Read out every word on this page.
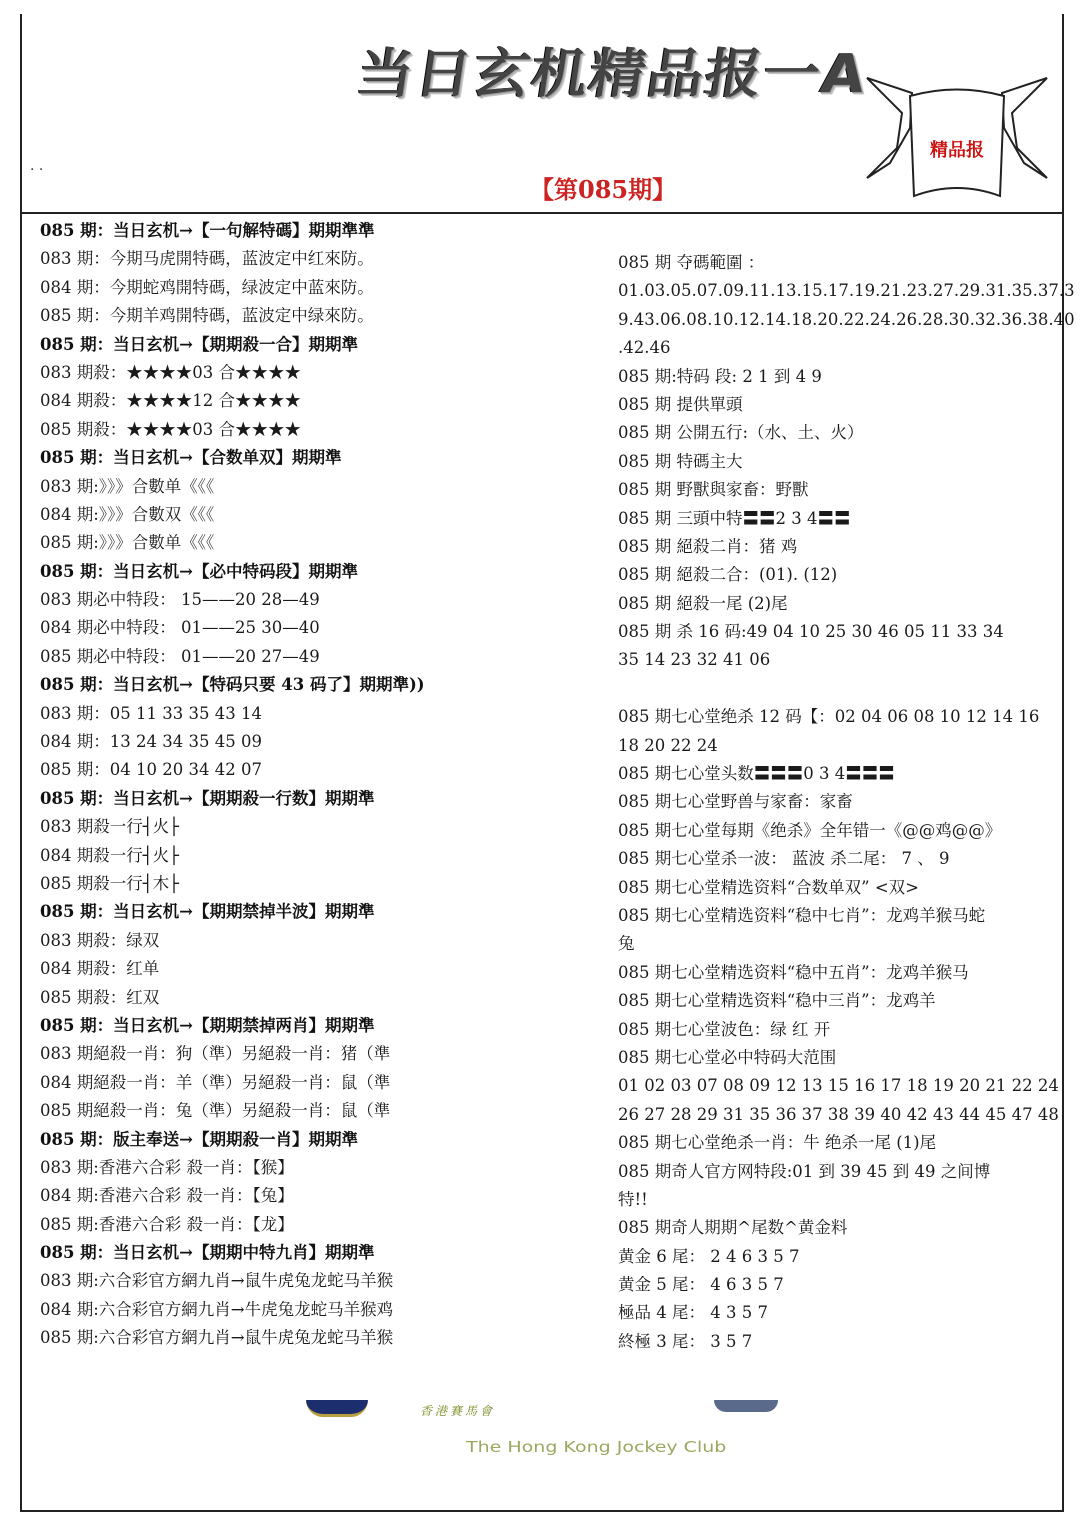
当日玄机精品报一A
. .
【第085期】
精品报
085 期：当日玄机→【一句解特碼】期期準準
083 期：今期马虎開特碼，蓝波定中红來防。
084 期：今期蛇鸡開特碼，绿波定中蓝來防。
085 期：今期羊鸡開特碼，蓝波定中绿來防。
085 期：当日玄机→【期期殺一合】期期準
083 期殺：★★★★03 合★★★★
084 期殺：★★★★12 合★★★★
085 期殺：★★★★03 合★★★★
085 期：当日玄机→【合数单双】期期準
083 期:》》》合數单《《《
084 期:》》》合數双《《《
085 期:》》》合數单《《《
085 期：当日玄机→【必中特码段】期期準
083 期必中特段： 15——20 28—49
084 期必中特段： 01——25 30—40
085 期必中特段： 01——20 27—49
085 期：当日玄机→【特码只要 43 码了】期期準))
083 期：05 11 33 35 43 14
084 期：13 24 34 35 45 09
085 期：04 10 20 34 42 07
085 期：当日玄机→【期期殺一行数】期期準
083 期殺一行┤火├
084 期殺一行┤火├
085 期殺一行┤木├
085 期：当日玄机→【期期禁掉半波】期期準
083 期殺：绿双
084 期殺：红单
085 期殺：红双
085 期：当日玄机→【期期禁掉两肖】期期準
083 期絕殺一肖：狗（準）另絕殺一肖：猪（準
084 期絕殺一肖：羊（準）另絕殺一肖：鼠（準
085 期絕殺一肖：兔（準）另絕殺一肖：鼠（準
085 期：版主奉送→【期期殺一肖】期期準
083 期:香港六合彩 殺一肖：【猴】
084 期:香港六合彩 殺一肖：【兔】
085 期:香港六合彩 殺一肖：【龙】
085 期：当日玄机→【期期中特九肖】期期準
083 期:六合彩官方網九肖→鼠牛虎兔龙蛇马羊猴
084 期:六合彩官方網九肖→牛虎兔龙蛇马羊猴鸡
085 期:六合彩官方網九肖→鼠牛虎兔龙蛇马羊猴
085 期 夺碼範圍 ：
01.03.05.07.09.11.13.15.17.19.21.23.27.29.31.35.37.3
9.43.06.08.10.12.14.18.20.22.24.26.28.30.32.36.38.40
.42.46
085 期:特码 段: 2 1 到 4 9
085 期 提供單頭
085 期 公開五行:（水、土、火）
085 期 特碼主大
085 期 野獸與家畜：野獸
085 期 三頭中特〓〓2 3 4〓〓
085 期 絕殺二肖：猪 鸡
085 期 絕殺二合：(01). (12)
085 期 絕殺一尾 (2)尾
085 期 杀 16 码:49 04 10 25 30 46 05 11 33 34
35 14 23 32 41 06
085 期七心堂绝杀 12 码【：02 04 06 08 10 12 14 16
18 20 22 24
085 期七心堂头数〓〓〓0 3 4〓〓〓
085 期七心堂野兽与家畜：家畜
085 期七心堂每期《绝杀》全年错一《@@鸡@@》
085 期七心堂杀一波： 蓝波 杀二尾： 7 、 9
085 期七心堂精选资料“合数单双” <双>
085 期七心堂精选资料“稳中七肖”：龙鸡羊猴马蛇
兔
085 期七心堂精选资料“稳中五肖”：龙鸡羊猴马
085 期七心堂精选资料“稳中三肖”：龙鸡羊
085 期七心堂波色：绿 红 开
085 期七心堂必中特码大范围
01 02 03 07 08 09 12 13 15 16 17 18 19 20 21 22 24
26 27 28 29 31 35 36 37 38 39 40 42 43 44 45 47 48
085 期七心堂绝杀一肖：牛 绝杀一尾 (1)尾
085 期奇人官方网特段:01 到 39 45 到 49 之间博
特!!
085 期奇人期期^尾数^黄金料
黄金 6 尾： 2 4 6 3 5 7
黄金 5 尾： 4 6 3 5 7
極品 4 尾： 4 3 5 7
終極 3 尾： 3 5 7
香港賽馬會
The Hong Kong Jockey Club
